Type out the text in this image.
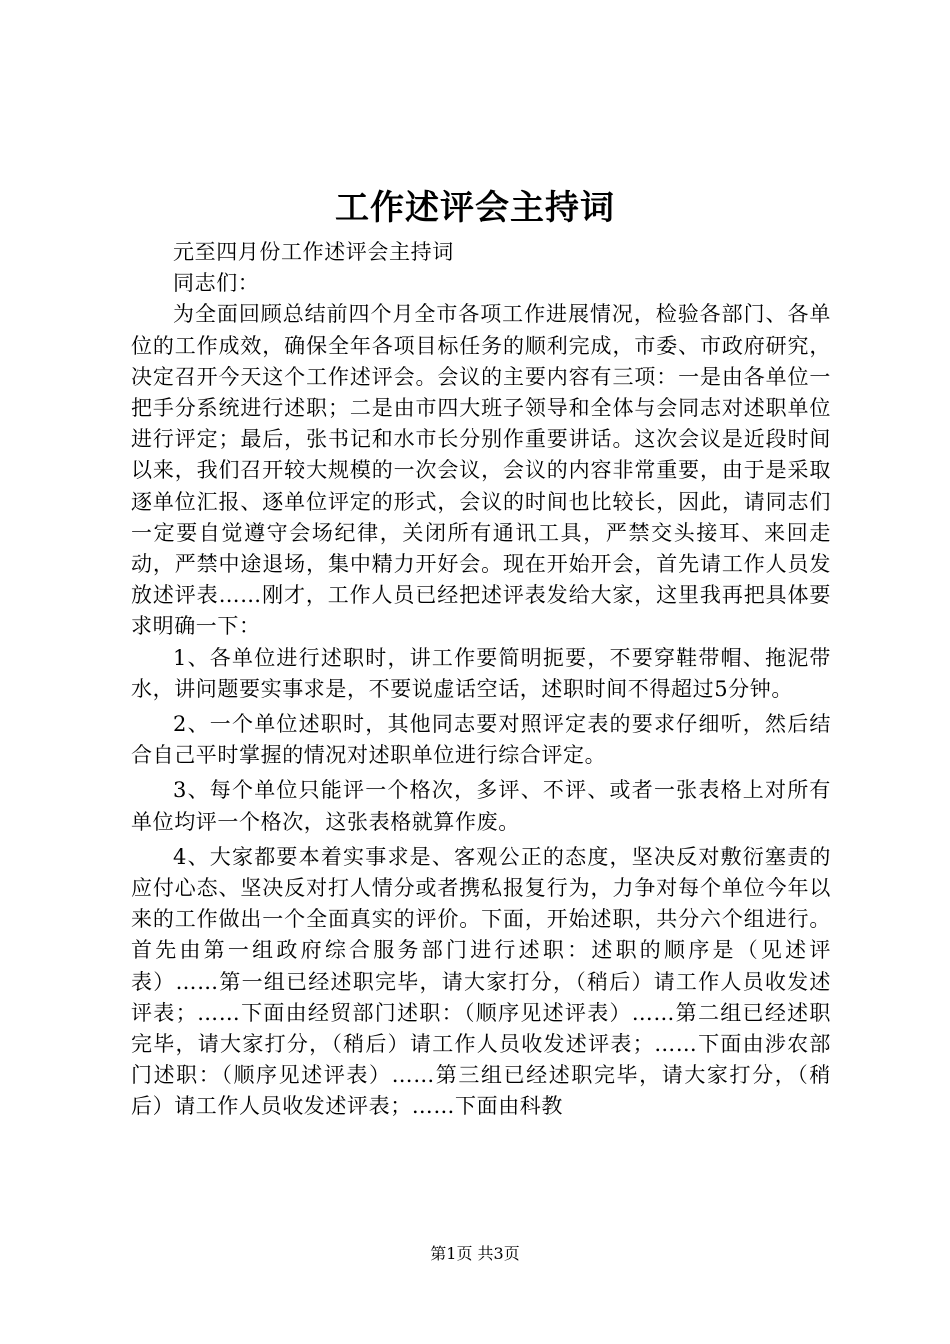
工作述评会主持词

元至四月份工作述评会主持词

同志们：

为全面回顾总结前四个月全市各项工作进展情况，检验各部门、各单位的工作成效，确保全年各项目标任务的顺利完成，市委、市政府研究，决定召开今天这个工作述评会。会议的主要内容有三项：一是由各单位一把手分系统进行述职；二是由市四大班子领导和全体与会同志对述职单位进行评定；最后，张书记和水市长分别作重要讲话。这次会议是近段时间以来，我们召开较大规模的一次会议，会议的内容非常重要，由于是采取逐单位汇报、逐单位评定的形式，会议的时间也比较长，因此，请同志们一定要自觉遵守会场纪律，关闭所有通讯工具，严禁交头接耳、来回走动，严禁中途退场，集中精力开好会。现在开始开会，首先请工作人员发放述评表……刚才，工作人员已经把述评表发给大家，这里我再把具体要求明确一下：

1、各单位进行述职时，讲工作要简明扼要，不要穿鞋带帽、拖泥带水，讲问题要实事求是，不要说虚话空话，述职时间不得超过5分钟。

2、一个单位述职时，其他同志要对照评定表的要求仔细听，然后结合自己平时掌握的情况对述职单位进行综合评定。

3、每个单位只能评一个格次，多评、不评、或者一张表格上对所有单位均评一个格次，这张表格就算作废。

4、大家都要本着实事求是、客观公正的态度，坚决反对敷衍塞责的应付心态、坚决反对打人情分或者携私报复行为，力争对每个单位今年以来的工作做出一个全面真实的评价。下面，开始述职，共分六个组进行。首先由第一组政府综合服务部门进行述职：述职的顺序是（见述评表）……第一组已经述职完毕，请大家打分，（稍后）请工作人员收发述评表；……下面由经贸部门述职：（顺序见述评表）……第二组已经述职完毕，请大家打分，（稍后）请工作人员收发述评表；……下面由涉农部门述职：（顺序见述评表）……第三组已经述职完毕，请大家打分，（稍后）请工作人员收发述评表；……下面由科教

第1页 共3页
